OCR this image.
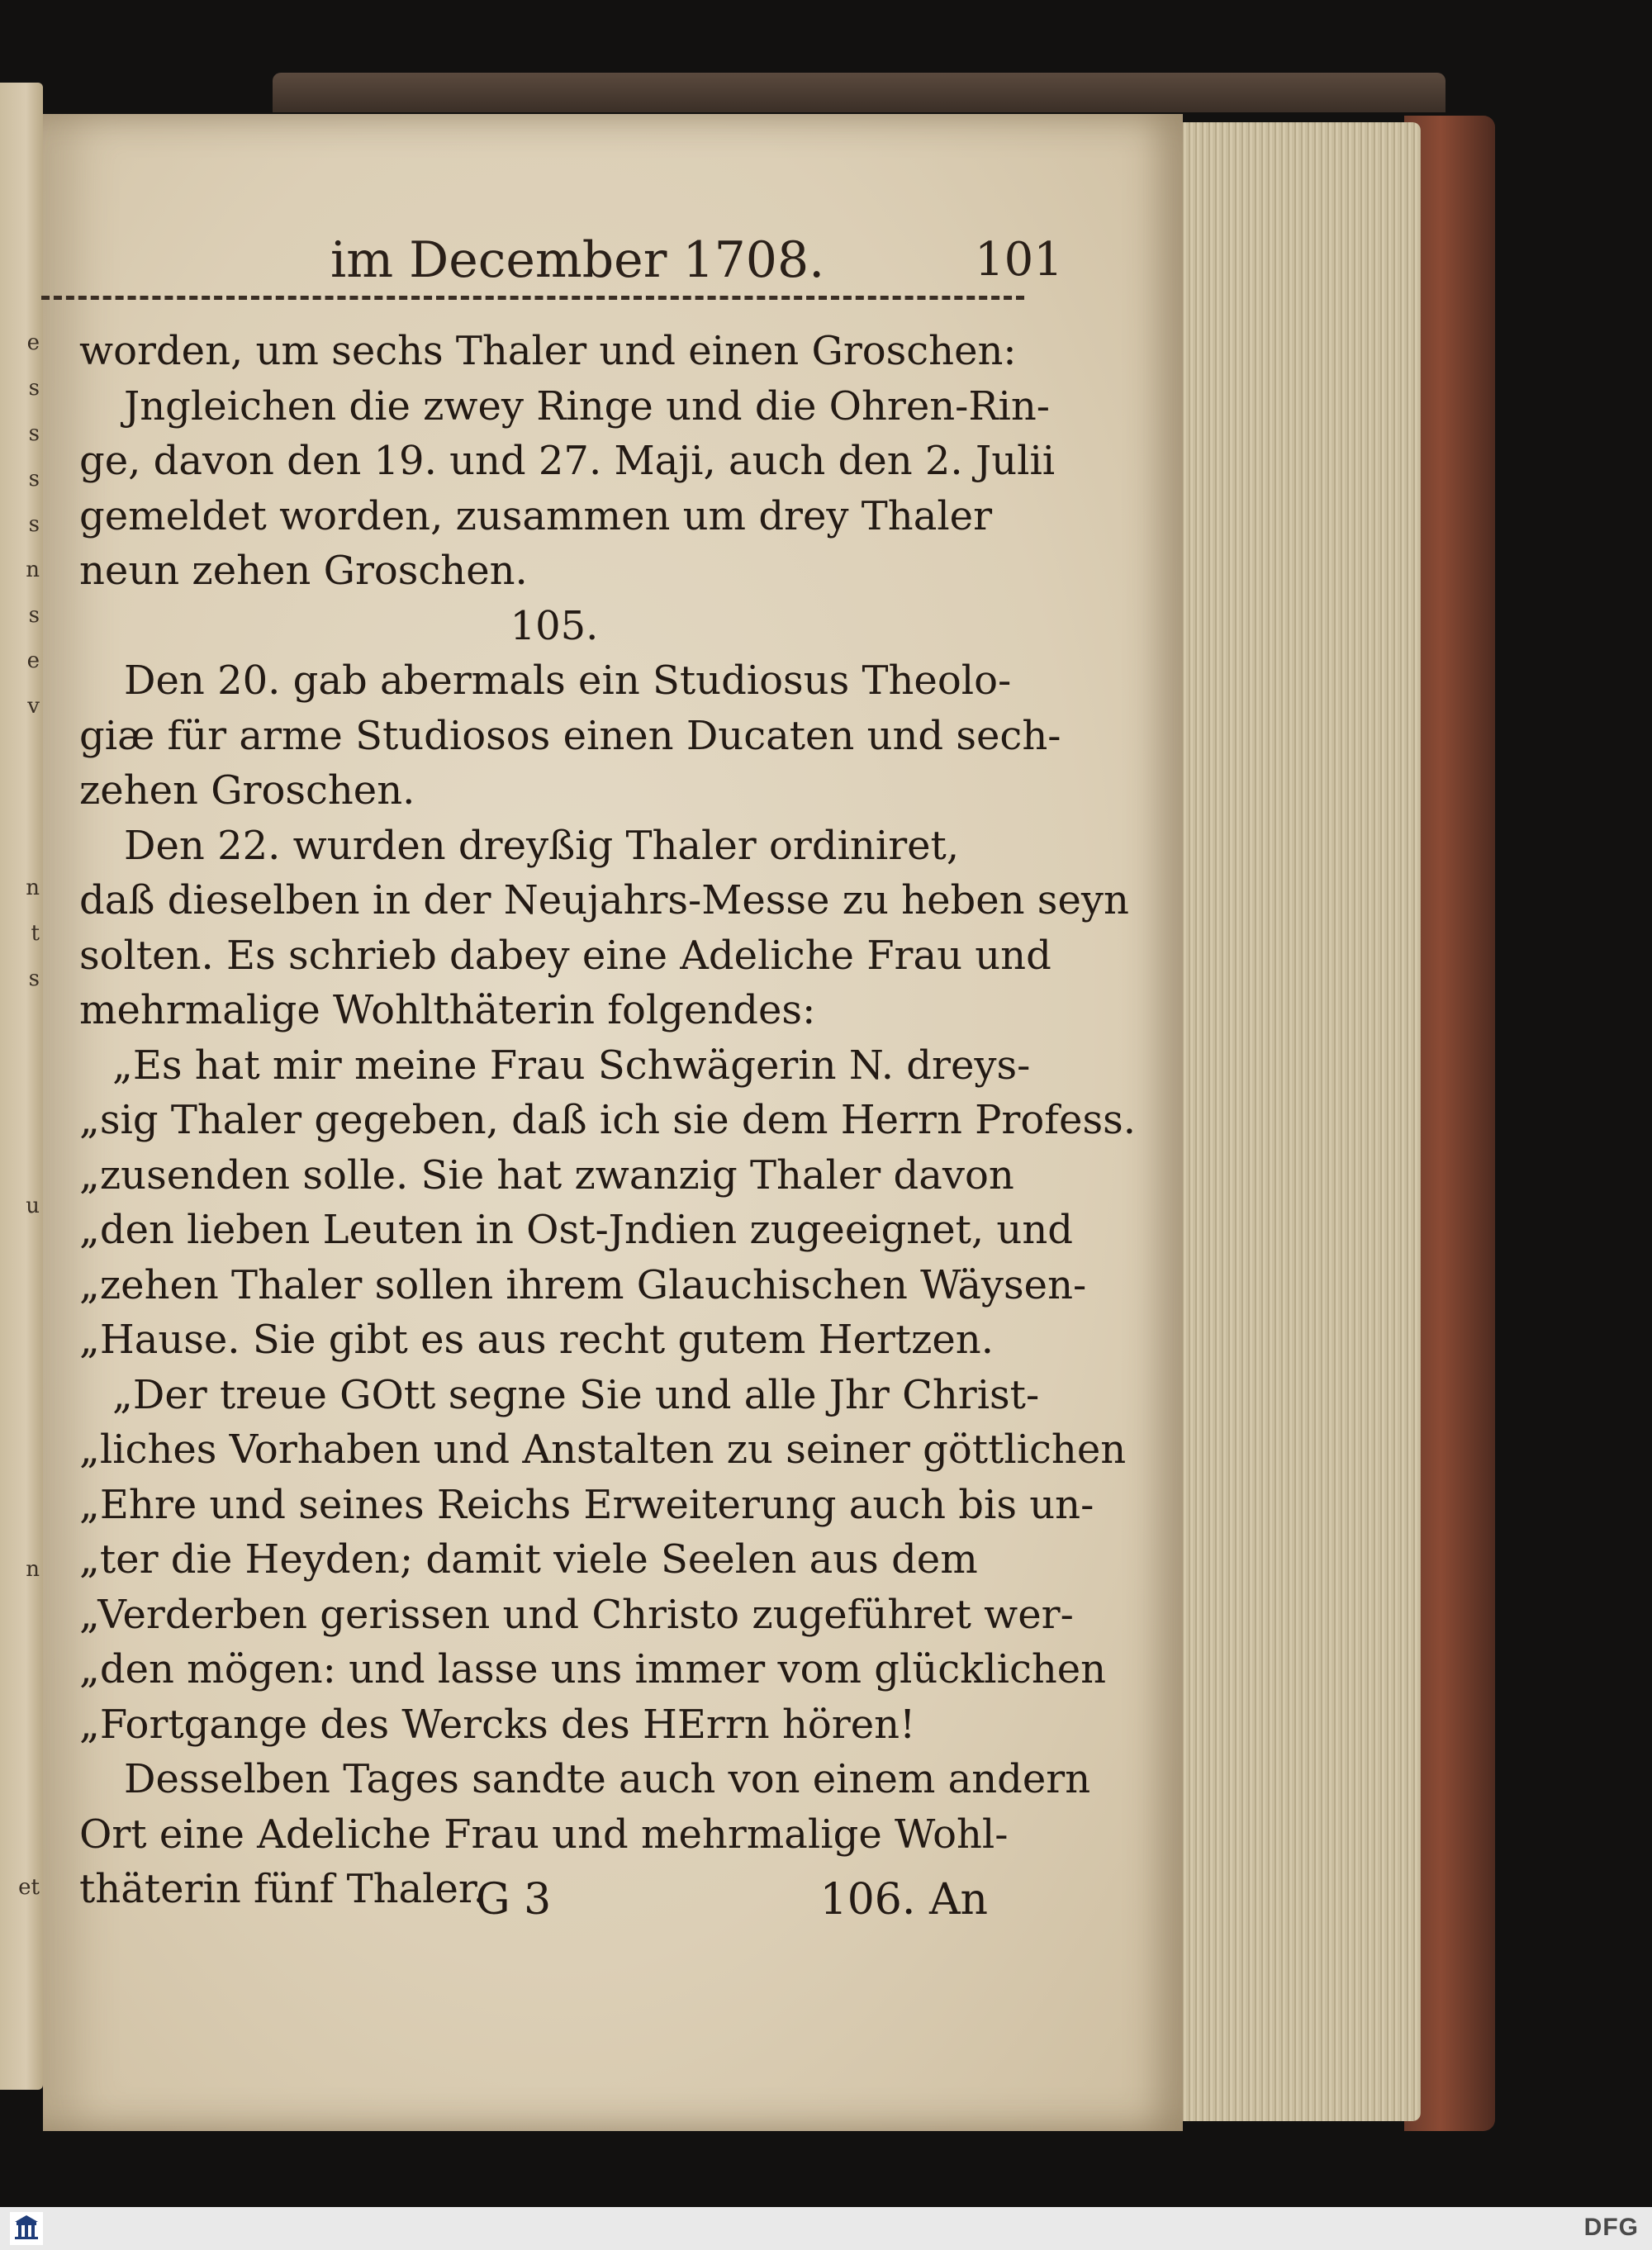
e
s
s
s
s
n
s
e
v
n
t
s
u
n
et
im December 1708.	101
worden, um sechs Thaler und einen Groschen:
Jngleichen die zwey Ringe und die Ohren-Rin-
ge, davon den 19. und 27. Maji, auch den 2. Julii
gemeldet worden, zusammen um drey Thaler
neun zehen Groschen.
105.
Den 20. gab abermals ein Studiosus Theolo-
giæ für arme Studiosos einen Ducaten und sech-
zehen Groschen.
Den 22. wurden dreyßig Thaler ordiniret,
daß dieselben in der Neujahrs-Messe zu heben seyn
solten. Es schrieb dabey eine Adeliche Frau und
mehrmalige Wohlthäterin folgendes:
„Es hat mir meine Frau Schwägerin N. dreys-
„sig Thaler gegeben, daß ich sie dem Herrn Profess.
„zusenden solle. Sie hat zwanzig Thaler davon
„den lieben Leuten in Ost-Jndien zugeeignet, und
„zehen Thaler sollen ihrem Glauchischen Wäysen-
„Hause. Sie gibt es aus recht gutem Hertzen.
„Der treue GOtt segne Sie und alle Jhr Christ-
„liches Vorhaben und Anstalten zu seiner göttlichen
„Ehre und seines Reichs Erweiterung auch bis un-
„ter die Heyden; damit viele Seelen aus dem
„Verderben gerissen und Christo zugeführet wer-
„den mögen: und lasse uns immer vom glücklichen
„Fortgange des Wercks des HErrn hören!
Desselben Tages sandte auch von einem andern
Ort eine Adeliche Frau und mehrmalige Wohl-
thäterin fünf Thaler.
G 3	106. An
DFG
